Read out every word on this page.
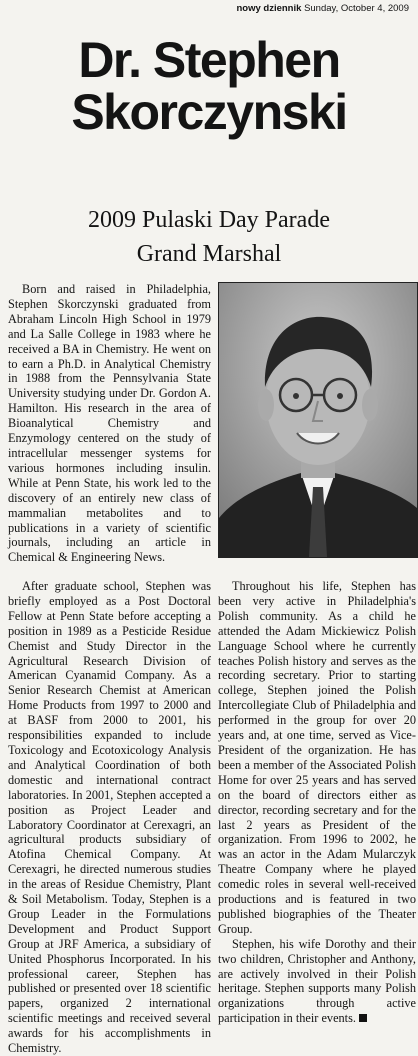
nowy dziennik Sunday, October 4, 2009
Dr. Stephen
Skorczynski
2009 Pulaski Day Parade
Grand Marshal

Born and raised in Philadelphia, Stephen Skorczynski graduated from Abraham Lincoln High School in 1979 and La Salle College in 1983 where he received a BA in Chemistry. He went on to earn a Ph.D. in Analytical Chemistry in 1988 from the Pennsylvania State University studying under Dr. Gordon A. Hamilton. His research in the area of Bioanalytical Chemistry and Enzymology centered on the study of intracellular messenger systems for various hormones including insulin. While at Penn State, his work led to the discovery of an entirely new class of mammalian metabolites and to publications in a variety of scientific journals, including an article in Chemical & Engineering News.

After graduate school, Stephen was briefly employed as a Post Doctoral Fellow at Penn State before accepting a position in 1989 as a Pesticide Residue Chemist and Study Director in the Agricultural Research Division of American Cyanamid Company. As a Senior Research Chemist at American Home Products from 1997 to 2000 and at BASF from 2000 to 2001, his responsibilities expanded to include Toxicology and Ecotoxicology Analysis and Analytical Coordination of both domestic and international contract laboratories. In 2001, Stephen accepted a position as Project Leader and Laboratory Coordinator at Cerexagri, an agricultural products subsidiary of Atofina Chemical Company. At Cerexagri, he directed numerous studies in the areas of Residue Chemistry, Plant & Soil Metabolism. Today, Stephen is a Group Leader in the Formulations Development and Product Support Group at JRF America, a subsidiary of United Phosphorus Incorporated. In his professional career, Stephen has published or presented over 18 scientific papers, organized 2 international scientific meetings and received several awards for his accomplishments in Chemistry.

Throughout his life, Stephen has been very active in Philadelphia's Polish community. As a child he attended the Adam Mickiewicz Polish Language School where he currently teaches Polish history and serves as the recording secretary. Prior to starting college, Stephen joined the Polish Intercollegiate Club of Philadelphia and performed in the group for over 20 years and, at one time, served as Vice-President of the organization. He has been a member of the Associated Polish Home for over 25 years and has served on the board of directors either as director, recording secretary and for the last 2 years as President of the organization. From 1996 to 2002, he was an actor in the Adam Mularczyk Theatre Company where he played comedic roles in several well-received productions and is featured in two published biographies of the Theater Group.

Stephen, his wife Dorothy and their two children, Christopher and Anthony, are actively involved in their Polish heritage. Stephen supports many Polish organizations through active participation in their events.
